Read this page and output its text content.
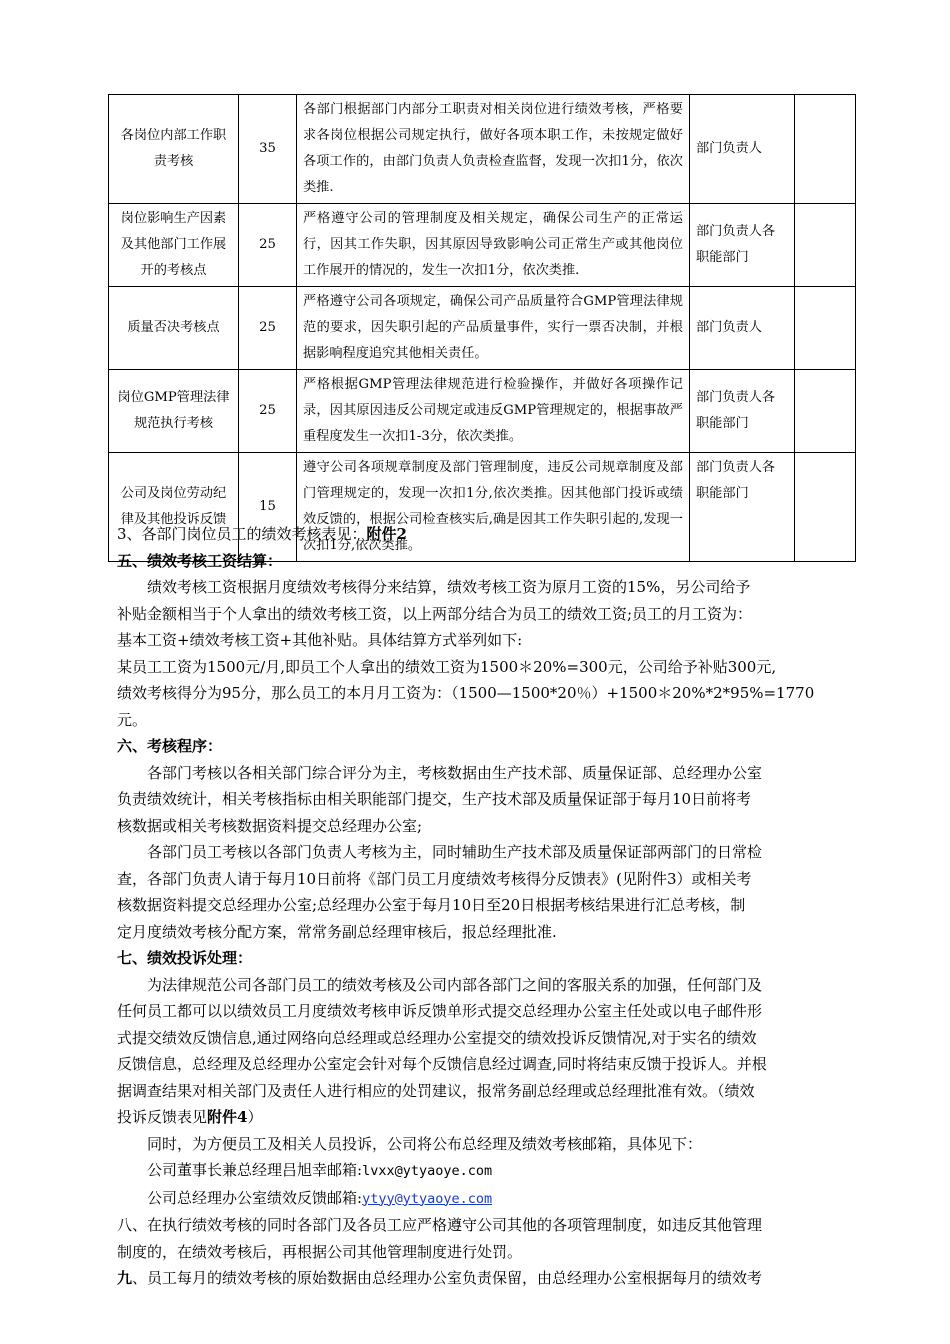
各岗位内部工作职责考核	35	各部门根据部门内部分工职责对相关岗位进行绩效考核，严格要求各岗位根据公司规定执行，做好各项本职工作，未按规定做好各项工作的，由部门负责人负责检查监督，发现一次扣1分，依次类推.	部门负责人	
岗位影响生产因素及其他部门工作展开的考核点	25	严格遵守公司的管理制度及相关规定，确保公司生产的正常运行，因其工作失职，因其原因导致影响公司正常生产或其他岗位工作展开的情况的，发生一次扣1分，依次类推.	部门负责人各职能部门	
质量否决考核点	25	严格遵守公司各项规定，确保公司产品质量符合GMP管理法律规范的要求，因失职引起的产品质量事件，实行一票否决制，并根据影响程度追究其他相关责任。	部门负责人	
岗位GMP管理法律规范执行考核	25	严格根据GMP管理法律规范进行检验操作，并做好各项操作记录，因其原因违反公司规定或违反GMP管理规定的，根据事故严重程度发生一次扣1-3分，依次类推。	部门负责人各职能部门	
公司及岗位劳动纪律及其他投诉反馈	15	遵守公司各项规章制度及部门管理制度，违反公司规章制度及部门管理规定的，发现一次扣1分,依次类推。因其他部门投诉或绩效反馈的，根据公司检查核实后,确是因其工作失职引起的,发现一次扣1分,依次类推。	部门负责人各职能部门	
3、各部门岗位员工的绩效考核表见：附件2
五、绩效考核工资结算：
绩效考核工资根据月度绩效考核得分来结算，绩效考核工资为原月工资的15%，另公司给予
补贴金额相当于个人拿出的绩效考核工资，以上两部分结合为员工的绩效工资;员工的月工资为：
基本工资+绩效考核工资+其他补贴。具体结算方式举列如下:
某员工工资为1500元/月,即员工个人拿出的绩效工资为1500＊20%=300元，公司给予补贴300元,
绩效考核得分为95分，那么员工的本月月工资为：（1500—1500*20％）+1500＊20%*2*95%=1770
元。
六、考核程序：
各部门考核以各相关部门综合评分为主，考核数据由生产技术部、质量保证部、总经理办公室
负责绩效统计，相关考核指标由相关职能部门提交，生产技术部及质量保证部于每月10日前将考
核数据或相关考核数据资料提交总经理办公室;
各部门员工考核以各部门负责人考核为主，同时辅助生产技术部及质量保证部两部门的日常检
查，各部门负责人请于每月10日前将《部门员工月度绩效考核得分反馈表》(见附件3）或相关考
核数据资料提交总经理办公室;总经理办公室于每月10日至20日根据考核结果进行汇总考核，制
定月度绩效考核分配方案，常常务副总经理审核后，报总经理批准.
七、绩效投诉处理：
为法律规范公司各部门员工的绩效考核及公司内部各部门之间的客服关系的加强，任何部门及
任何员工都可以以绩效员工月度绩效考核申诉反馈单形式提交总经理办公室主任处或以电子邮件形
式提交绩效反馈信息,通过网络向总经理或总经理办公室提交的绩效投诉反馈情况,对于实名的绩效
反馈信息，总经理及总经理办公室定会针对每个反馈信息经过调查,同时将结束反馈于投诉人。并根
据调查结果对相关部门及责任人进行相应的处罚建议，报常务副总经理或总经理批准有效。（绩效
投诉反馈表见附件4）
同时，为方便员工及相关人员投诉，公司将公布总经理及绩效考核邮箱，具体见下：
公司董事长兼总经理吕旭幸邮箱:lvxx@ytyaoye.com
公司总经理办公室绩效反馈邮箱:ytyy@ytyaoye.com
八、在执行绩效考核的同时各部门及各员工应严格遵守公司其他的各项管理制度，如违反其他管理
制度的，在绩效考核后，再根据公司其他管理制度进行处罚。
九、员工每月的绩效考核的原始数据由总经理办公室负责保留，由总经理办公室根据每月的绩效考
